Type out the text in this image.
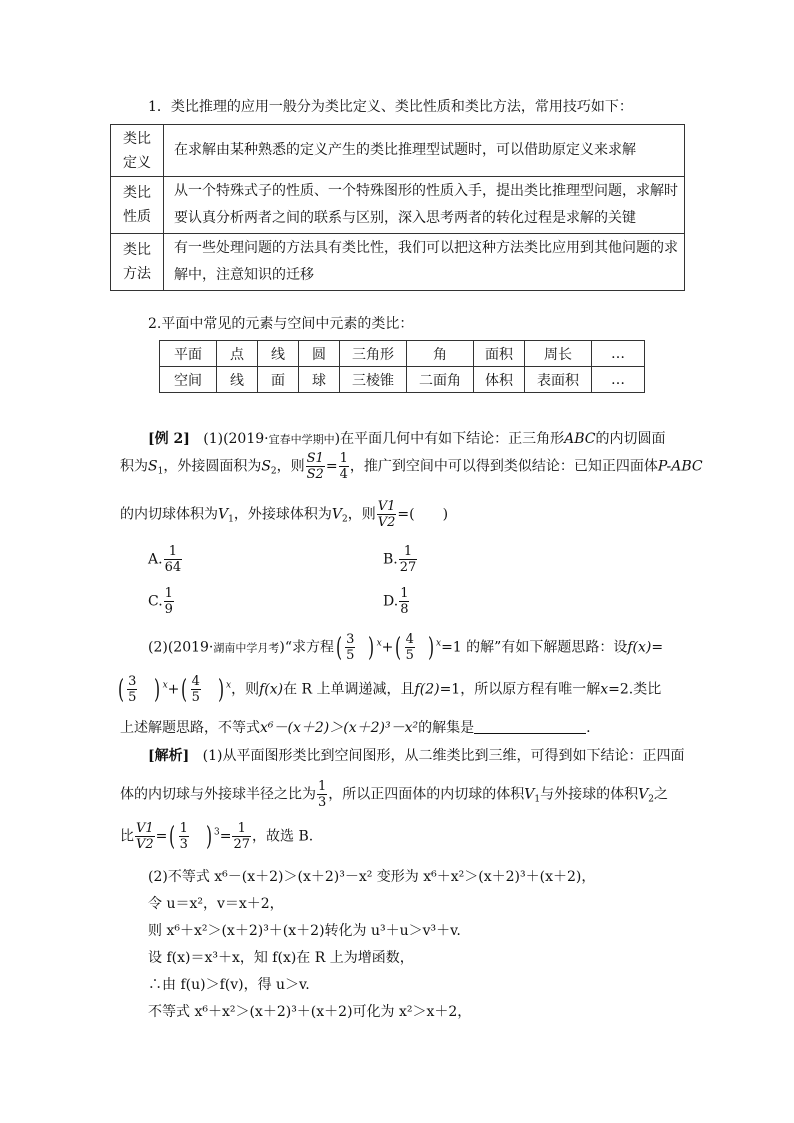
1．类比推理的应用一般分为类比定义、类比性质和类比方法，常用技巧如下：
类比
定义	在求解由某种熟悉的定义产生的类比推理型试题时，可以借助原定义来求解
类比
性质	从一个特殊式子的性质、一个特殊图形的性质入手，提出类比推理型问题，求解时
要认真分析两者之间的联系与区别，深入思考两者的转化过程是求解的关键
类比
方法	有一些处理问题的方法具有类比性，我们可以把这种方法类比应用到其他问题的求
解中，注意知识的迁移
2.平面中常见的元素与空间中元素的类比：
平面	点	线	圆	三角形	角	面积	周长	…
空间	线	面	球	三棱锥	二面角	体积	表面积	…
[例 2] (1)(2019·宜春中学期中)在平面几何中有如下结论：正三角形ABC的内切圆面
积为$S_1$，外接圆面积为$S_2$，则 $\frac{S1}{S2} = \frac{1}{4}$ ，推广到空间中可以得到类似结论：已知正四面体P-ABC
的内切球体积为$V_1$，外接球体积为$V_2$，则 $\frac{V1}{V2}$ =(　　)
A. $\frac{1}{64}$	B. $\frac{1}{27}$
C. $\frac{1}{9}$	D. $\frac{1}{8}$
(2)(2019·湖南中学月考)“求方程( $\frac{3}{5}$ ) $^x+( \frac{4}{5}$ ) $^x$=1 的解”有如下解题思路：设f(x)=
( $\frac{3}{5}$ ) $^x+( \frac{4}{5}$ ) $^x$，则f(x)在 R 上单调递减，且f(2)=1，所以原方程有唯一解x=2.类比
上述解题思路，不等式x⁶－(x＋2)＞(x＋2)³－x²的解集是	.
[解析] (1)从平面图形类比到空间图形，从二维类比到三维，可得到如下结论：正四面
体的内切球与外接球半径之比为 $\frac{1}{3}$ ，所以正四面体的内切球的体积$V_1$与外接球的体积$V_2$之
比 $\frac{V1}{V2}$ =( $\frac{1}{3}$ ) $^3= \frac{1}{27}$ ，故选 B.
(2)不等式 x⁶－(x＋2)＞(x＋2)³－x² 变形为 x⁶＋x²＞(x＋2)³＋(x＋2)，
令 u＝x²，v＝x＋2，
则 x⁶＋x²＞(x＋2)³＋(x＋2)转化为 u³＋u＞v³＋v.
设 f(x)＝x³＋x，知 f(x)在 R 上为增函数，
∴由 f(u)＞f(v)，得 u＞v.
不等式 x⁶＋x²＞(x＋2)³＋(x＋2)可化为 x²＞x＋2，
